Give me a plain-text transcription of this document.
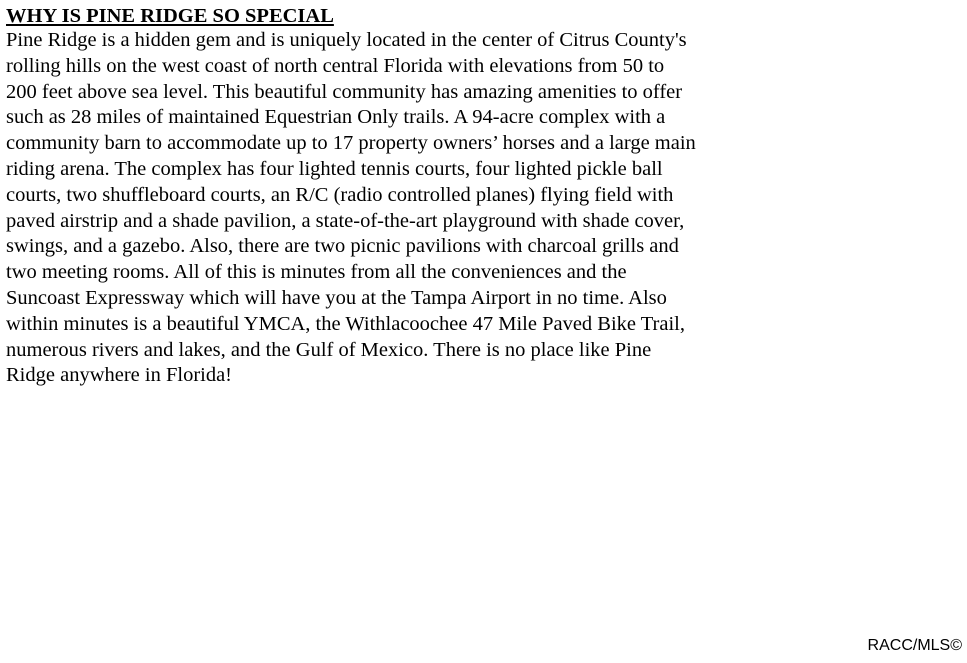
WHY IS PINE RIDGE SO SPECIAL

Pine Ridge is a hidden gem and is uniquely located in the center of Citrus County's
rolling hills on the west coast of north central Florida with elevations from 50 to
200 feet above sea level. This beautiful community has amazing amenities to offer
such as 28 miles of maintained Equestrian Only trails. A 94-acre complex with a
community barn to accommodate up to 17 property owners’ horses and a large main
riding arena. The complex has four lighted tennis courts, four lighted pickle ball
courts, two shuffleboard courts, an R/C (radio controlled planes) flying field with
paved airstrip and a shade pavilion, a state-of-the-art playground with shade cover,
swings, and a gazebo. Also, there are two picnic pavilions with charcoal grills and
two meeting rooms. All of this is minutes from all the conveniences and the
Suncoast Expressway which will have you at the Tampa Airport in no time. Also
within minutes is a beautiful YMCA, the Withlacoochee 47 Mile Paved Bike Trail,
numerous rivers and lakes, and the Gulf of Mexico. There is no place like Pine
Ridge anywhere in Florida!

RACC/MLS©
